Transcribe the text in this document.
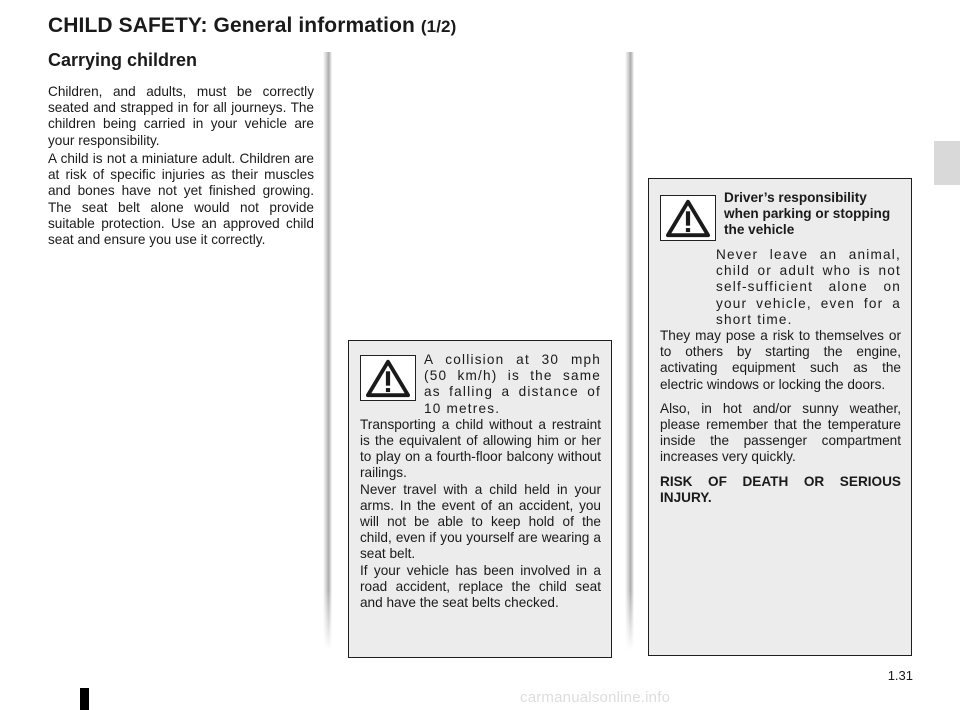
CHILD SAFETY: General information (1/2)
Carrying children
Children, and adults, must be correctly seated and strapped in for all journeys. The children being carried in your vehicle are your responsibility.
A child is not a miniature adult. Children are at risk of specific injuries as their muscles and bones have not yet finished growing. The seat belt alone would not provide suitable protection. Use an approved child seat and ensure you use it correctly.
A collision at 30 mph (50 km/h) is the same as falling a distance of 10 metres.
Transporting a child without a restraint is the equivalent of allowing him or her to play on a fourth-floor balcony without railings.
Never travel with a child held in your arms. In the event of an accident, you will not be able to keep hold of the child, even if you yourself are wearing a seat belt.
If your vehicle has been involved in a road accident, replace the child seat and have the seat belts checked.
Driver’s responsibility when parking or stopping the vehicle
Never leave an animal, child or adult who is not self-sufficient alone on your vehicle, even for a short time.
They may pose a risk to themselves or to others by starting the engine, activating equipment such as the electric windows or locking the doors.
Also, in hot and/or sunny weather, please remember that the temperature inside the passenger compartment increases very quickly.
RISK OF DEATH OR SERIOUS INJURY.
1.31
carmanualsonline.info
